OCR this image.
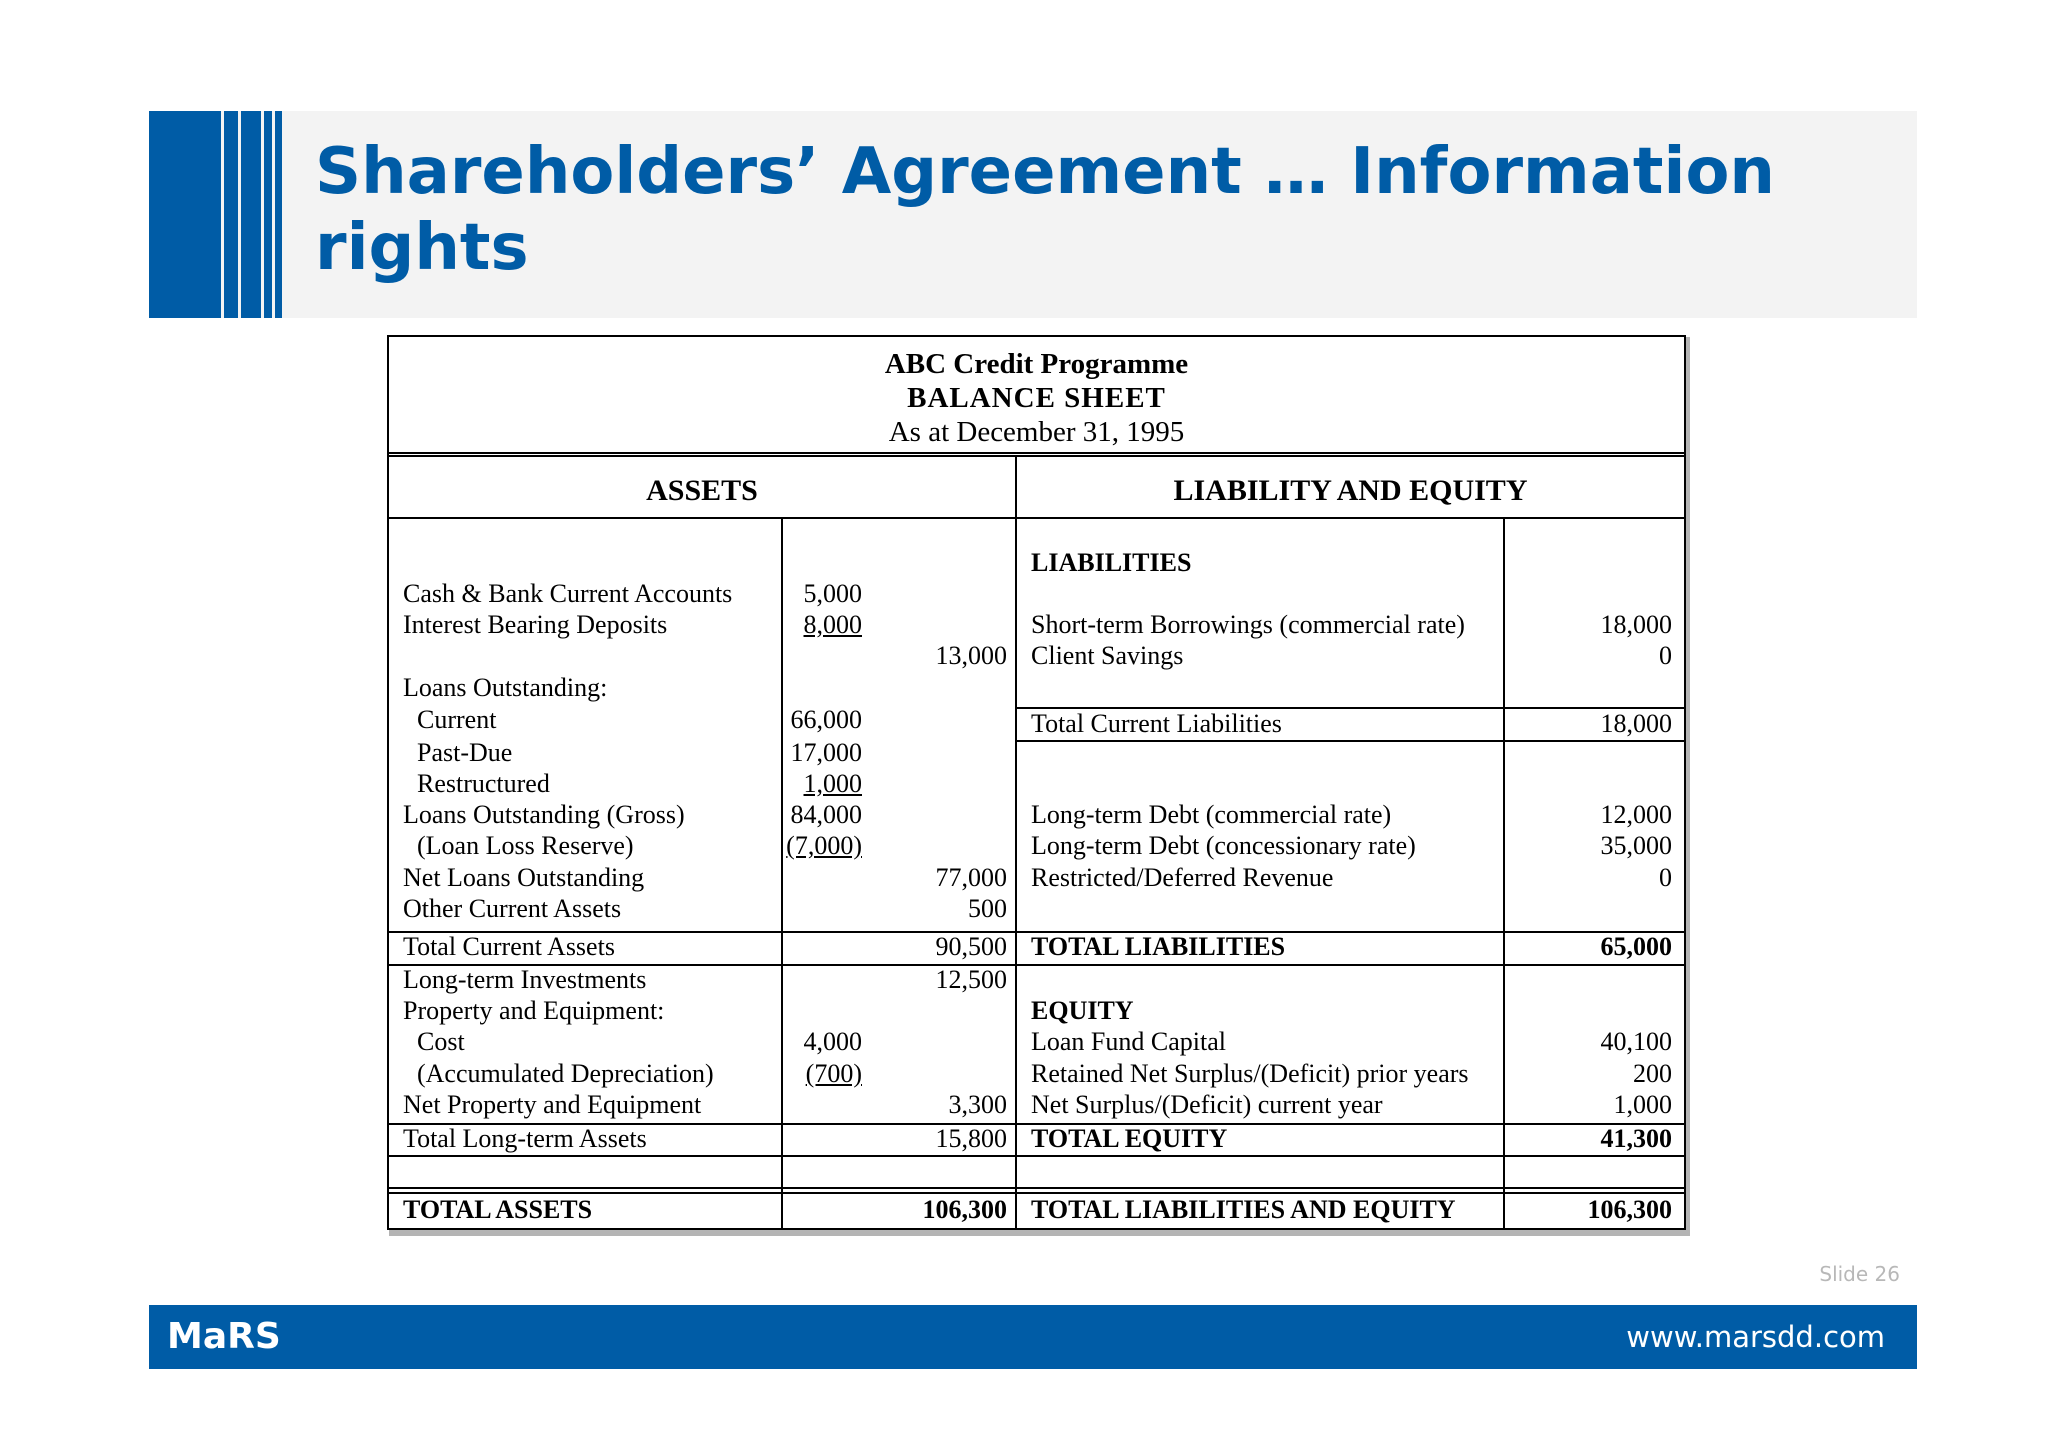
Shareholders’ Agreement … Information
rights
ABC Credit Programme
BALANCE SHEET
As at December 31, 1995
ASSETS	LIABILITY AND EQUITY
Cash & Bank Current Accounts
Interest Bearing Deposits
Loans Outstanding:
Current
Past-Due
Restructured
Loans Outstanding (Gross)
(Loan Loss Reserve)
Net Loans Outstanding
Other Current Assets
Total Current Assets
Long-term Investments
Property and Equipment:
Cost
(Accumulated Depreciation)
Net Property and Equipment
Total Long-term Assets
TOTAL ASSETS
5,000
8,000
66,000
17,000
1,000
84,000
(7,000)
4,000
(700)
13,000
77,000
500
90,500
12,500
3,300
15,800
106,300
LIABILITIES
Short-term Borrowings (commercial rate)
Client Savings
Total Current Liabilities
Long-term Debt (commercial rate)
Long-term Debt (concessionary rate)
Restricted/Deferred Revenue
TOTAL LIABILITIES
EQUITY
Loan Fund Capital
Retained Net Surplus/(Deficit) prior years
Net Surplus/(Deficit) current year
TOTAL EQUITY
TOTAL LIABILITIES AND EQUITY
18,000
0
18,000
12,000
35,000
0
65,000
40,100
200
1,000
41,300
106,300
Slide 26
MaRS	www.marsdd.com
